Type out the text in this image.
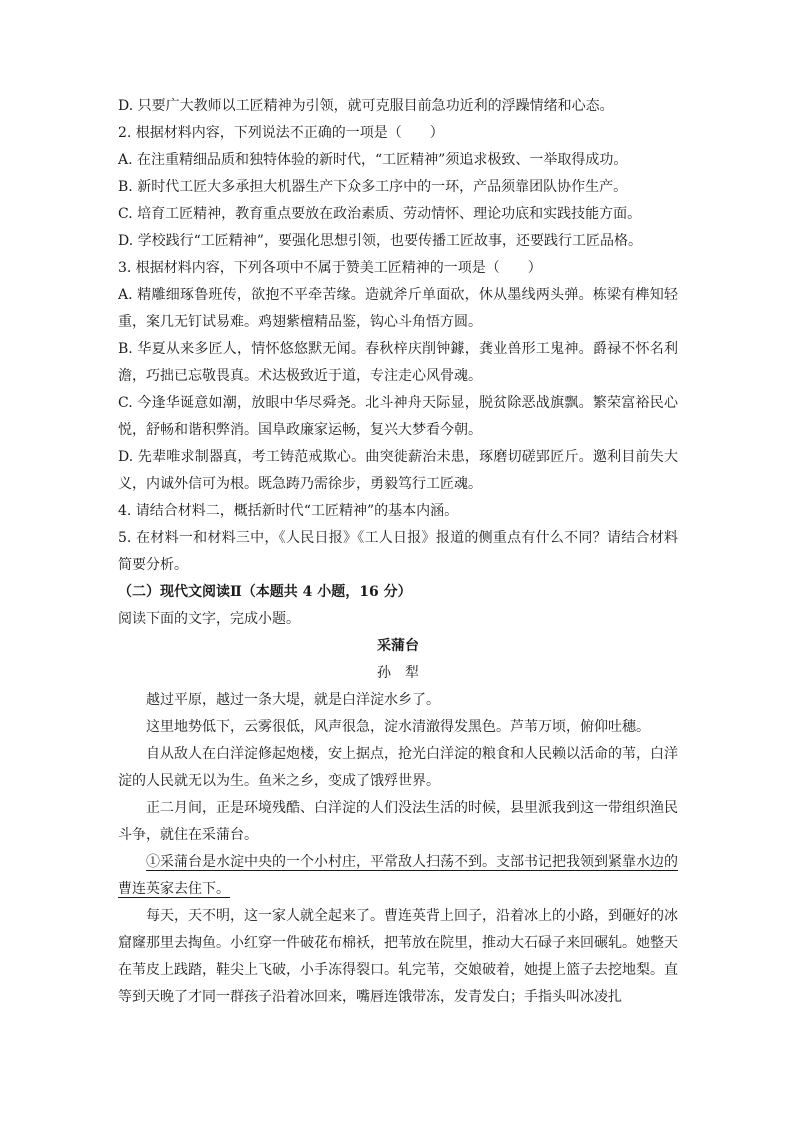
D. 只要广大教师以工匠精神为引领，就可克服目前急功近利的浮躁情绪和心态。

2. 根据材料内容，下列说法不正确的一项是（　　）

A. 在注重精细品质和独特体验的新时代，“工匠精神”须追求极致、一举取得成功。

B. 新时代工匠大多承担大机器生产下众多工序中的一环，产品须靠团队协作生产。

C. 培育工匠精神，教育重点要放在政治素质、劳动情怀、理论功底和实践技能方面。

D. 学校践行“工匠精神”，要强化思想引领，也要传播工匠故事，还要践行工匠品格。

3. 根据材料内容，下列各项中不属于赞美工匠精神的一项是（　　）

A. 精雕细琢鲁班传，欲抱不平牵苦缘。造就斧斤单面砍，休从墨线两头弹。栋梁有榫知轻重，案几无钉试易难。鸡翅紫檀精品鉴，钩心斗角悟方圆。

B. 华夏从来多匠人，情怀悠悠默无闻。春秋梓庆削钟鐻，龚业兽形工鬼神。爵禄不怀名利澹，巧拙已忘敬畏真。术达极致近于道，专注走心风骨魂。

C. 今逢华诞意如潮，放眼中华尽舜尧。北斗神舟天际显，脱贫除恶战旗飘。繁荣富裕民心悦，舒畅和谐积弊消。国阜政廉家运畅，复兴大梦看今朝。

D. 先辈唯求制器真，考工铸范戒欺心。曲突徙薪治未患，琢磨切磋郢匠斤。邀利目前失大义，内诚外信可为根。既急踌乃需徐步，勇毅笃行工匠魂。

4. 请结合材料二，概括新时代“工匠精神”的基本内涵。

5. 在材料一和材料三中，《人民日报》《工人日报》报道的侧重点有什么不同？请结合材料简要分析。

（二）现代文阅读Ⅱ（本题共 4 小题，16 分）

阅读下面的文字，完成小题。

采蒲台

孙　犁

越过平原，越过一条大堤，就是白洋淀水乡了。

这里地势低下，云雾很低，风声很急，淀水清澈得发黑色。芦苇万顷，俯仰吐穗。

自从敌人在白洋淀修起炮楼，安上据点，抢光白洋淀的粮食和人民赖以活命的苇，白洋淀的人民就无以为生。鱼米之乡，变成了饿殍世界。

正二月间，正是环境残酷、白洋淀的人们没法生活的时候，县里派我到这一带组织渔民斗争，就住在采蒲台。

①采蒲台是水淀中央的一个小村庄，平常敌人扫荡不到。支部书记把我领到紧靠水边的曹连英家去住下。

每天，天不明，这一家人就全起来了。曹连英背上回子，沿着冰上的小路，到砸好的冰窟窿那里去掏鱼。小红穿一件破花布棉袄，把苇放在院里，推动大石碌子来回碾轧。她整天在苇皮上践踏，鞋尖上飞破，小手冻得裂口。轧完苇，交娘破着，她提上篮子去挖地梨。直等到天晚了才同一群孩子沿着冰回来，嘴唇连饿带冻，发青发白；手指头叫冰凌扎
